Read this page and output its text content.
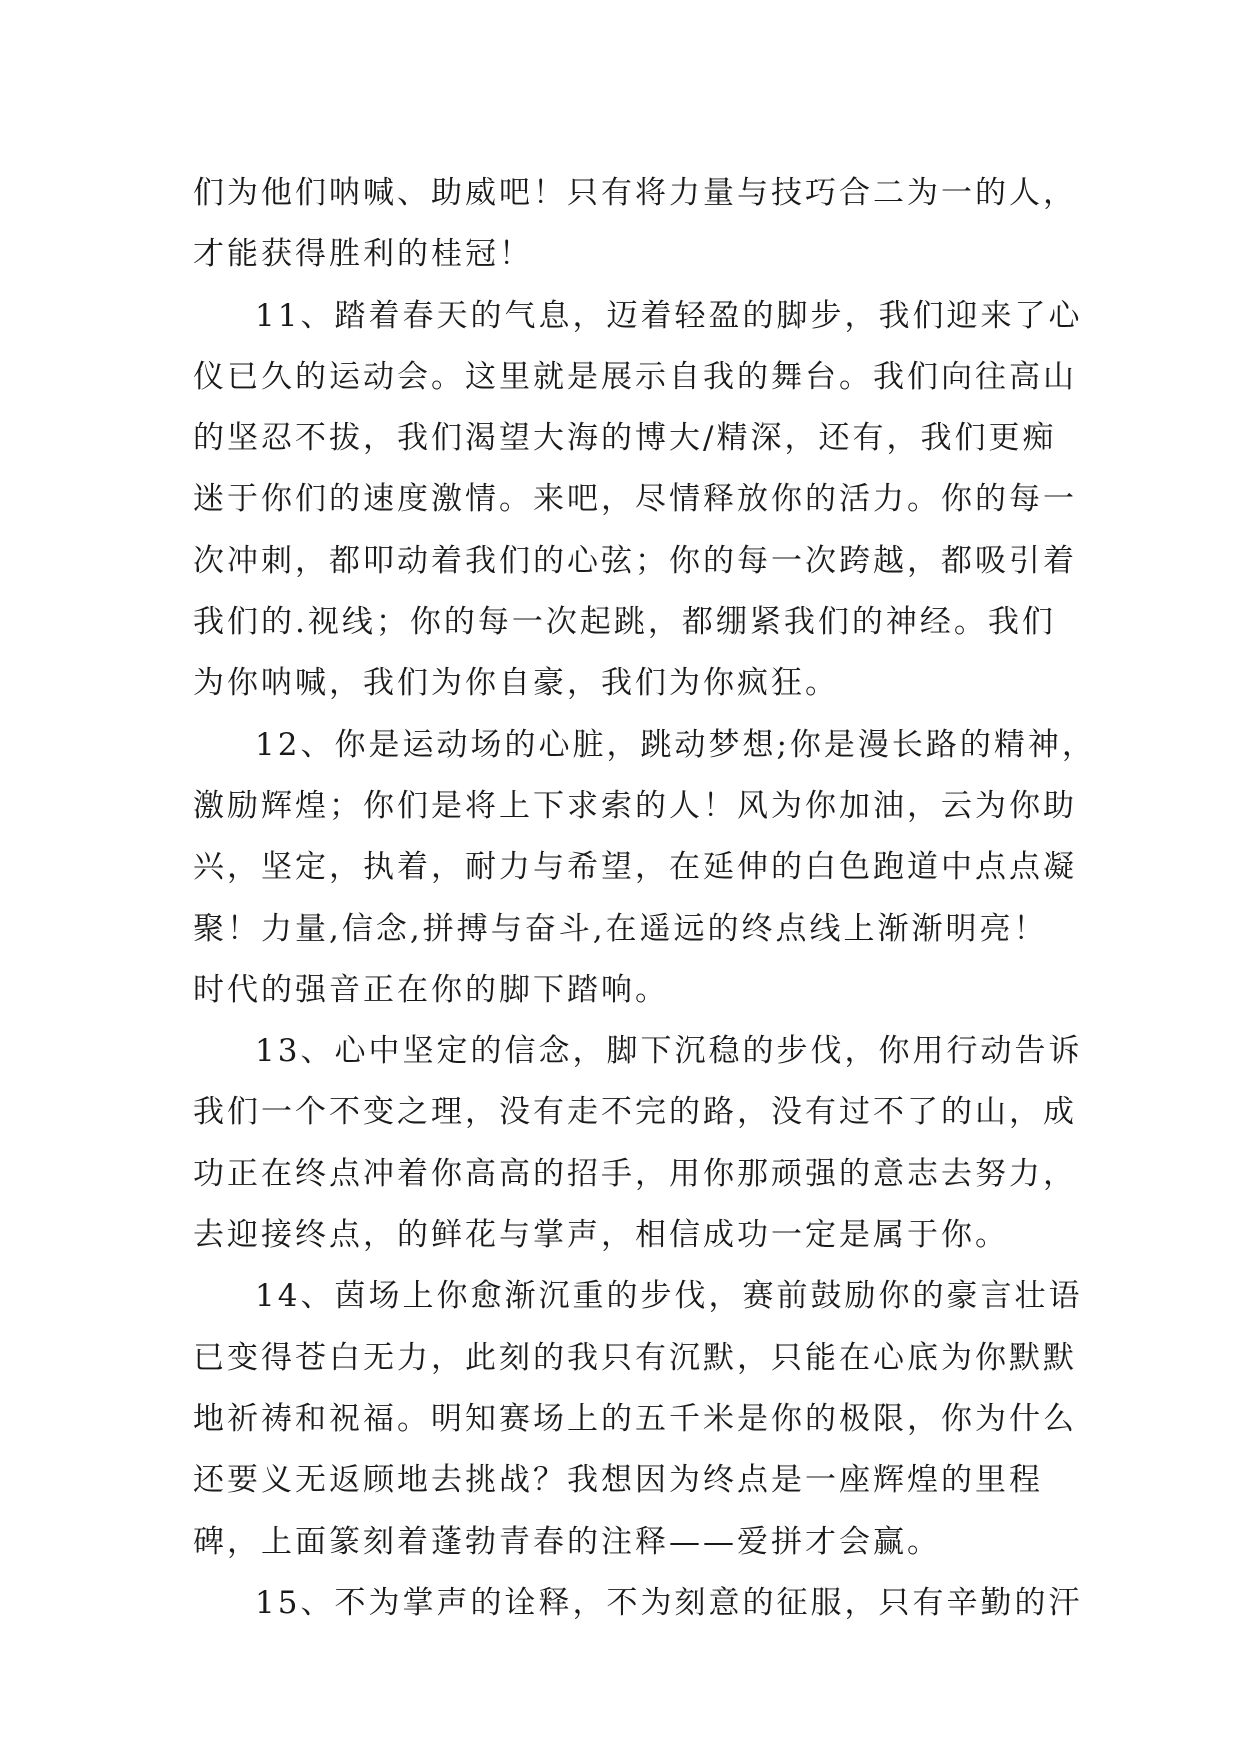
们为他们呐喊、助威吧！只有将力量与技巧合二为一的人，
才能获得胜利的桂冠！
11、踏着春天的气息，迈着轻盈的脚步，我们迎来了心
仪已久的运动会。这里就是展示自我的舞台。我们向往高山
的坚忍不拔，我们渴望大海的博大/精深，还有，我们更痴
迷于你们的速度激情。来吧，尽情释放你的活力。你的每一
次冲刺，都叩动着我们的心弦；你的每一次跨越，都吸引着
我们的.视线；你的每一次起跳，都绷紧我们的神经。我们
为你呐喊，我们为你自豪，我们为你疯狂。
12、你是运动场的心脏，跳动梦想;你是漫长路的精神，
激励辉煌；你们是将上下求索的人！风为你加油，云为你助
兴，坚定，执着，耐力与希望，在延伸的白色跑道中点点凝
聚！力量,信念,拼搏与奋斗,在遥远的终点线上渐渐明亮！
时代的强音正在你的脚下踏响。
13、心中坚定的信念，脚下沉稳的步伐，你用行动告诉
我们一个不变之理，没有走不完的路，没有过不了的山，成
功正在终点冲着你高高的招手，用你那顽强的意志去努力，
去迎接终点，的鲜花与掌声，相信成功一定是属于你。
14、茵场上你愈渐沉重的步伐，赛前鼓励你的豪言壮语
已变得苍白无力，此刻的我只有沉默，只能在心底为你默默
地祈祷和祝福。明知赛场上的五千米是你的极限，你为什么
还要义无返顾地去挑战？我想因为终点是一座辉煌的里程
碑，上面篆刻着蓬勃青春的注释——爱拼才会赢。
15、不为掌声的诠释，不为刻意的征服，只有辛勤的汗
